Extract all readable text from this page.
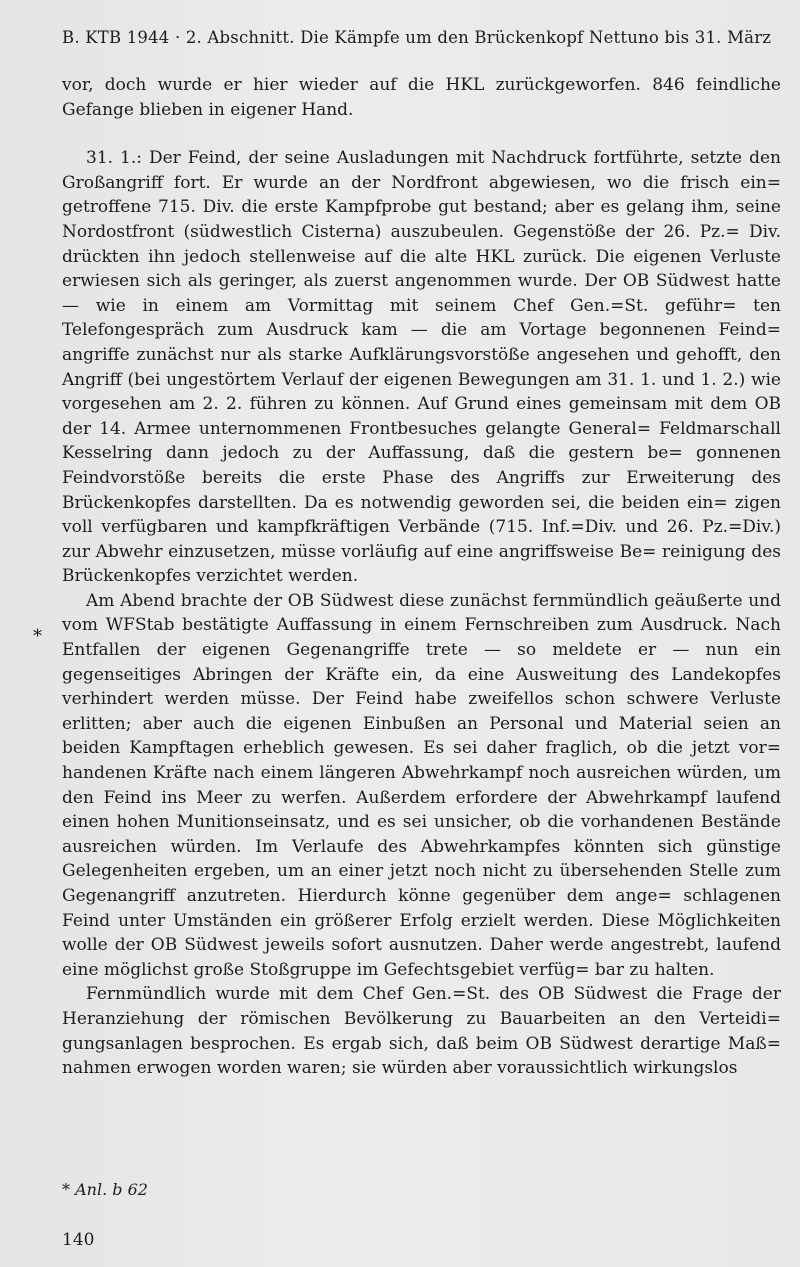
B. KTB 1944 · 2. Abschnitt. Die Kämpfe um den Brückenkopf Nettuno bis 31. März

vor, doch wurde er hier wieder auf die HKL zurückgeworfen. 846 feindliche Gefange blieben in eigener Hand.

31. 1.: Der Feind, der seine Ausladungen mit Nachdruck fortführte, setzte den Großangriff fort. Er wurde an der Nordfront abgewiesen, wo die frisch ein= getroffene 715. Div. die erste Kampfprobe gut bestand; aber es gelang ihm, seine Nordostfront (südwestlich Cisterna) auszubeulen. Gegenstöße der 26. Pz.= Div. drückten ihn jedoch stellenweise auf die alte HKL zurück. Die eigenen Verluste erwiesen sich als geringer, als zuerst angenommen wurde. Der OB Südwest hatte — wie in einem am Vormittag mit seinem Chef Gen.=St. geführ= ten Telefongespräch zum Ausdruck kam — die am Vortage begonnenen Feind= angriffe zunächst nur als starke Aufklärungsvorstöße angesehen und gehofft, den Angriff (bei ungestörtem Verlauf der eigenen Bewegungen am 31. 1. und 1. 2.) wie vorgesehen am 2. 2. führen zu können. Auf Grund eines gemeinsam mit dem OB der 14. Armee unternommenen Frontbesuches gelangte General= Feldmarschall Kesselring dann jedoch zu der Auffassung, daß die gestern be= gonnenen Feindvorstöße bereits die erste Phase des Angriffs zur Erweiterung des Brückenkopfes darstellten. Da es notwendig geworden sei, die beiden ein= zigen voll verfügbaren und kampfkräftigen Verbände (715. Inf.=Div. und 26. Pz.=Div.) zur Abwehr einzusetzen, müsse vorläufig auf eine angriffsweise Be= reinigung des Brückenkopfes verzichtet werden.

Am Abend brachte der OB Südwest diese zunächst fernmündlich geäußerte und vom WFStab bestätigte Auffassung in einem Fernschreiben zum Ausdruck. Nach Entfallen der eigenen Gegenangriffe trete — so meldete er — nun ein gegenseitiges Abringen der Kräfte ein, da eine Ausweitung des Landekopfes verhindert werden müsse. Der Feind habe zweifellos schon schwere Verluste erlitten; aber auch die eigenen Einbußen an Personal und Material seien an beiden Kampftagen erheblich gewesen. Es sei daher fraglich, ob die jetzt vor= handenen Kräfte nach einem längeren Abwehrkampf noch ausreichen würden, um den Feind ins Meer zu werfen. Außerdem erfordere der Abwehrkampf laufend einen hohen Munitionseinsatz, und es sei unsicher, ob die vorhandenen Bestände ausreichen würden. Im Verlaufe des Abwehrkampfes könnten sich günstige Gelegenheiten ergeben, um an einer jetzt noch nicht zu übersehenden Stelle zum Gegenangriff anzutreten. Hierdurch könne gegenüber dem ange= schlagenen Feind unter Umständen ein größerer Erfolg erzielt werden. Diese Möglichkeiten wolle der OB Südwest jeweils sofort ausnutzen. Daher werde angestrebt, laufend eine möglichst große Stoßgruppe im Gefechtsgebiet verfüg= bar zu halten.

Fernmündlich wurde mit dem Chef Gen.=St. des OB Südwest die Frage der Heranziehung der römischen Bevölkerung zu Bauarbeiten an den Verteidi= gungsanlagen besprochen. Es ergab sich, daß beim OB Südwest derartige Maß= nahmen erwogen worden waren; sie würden aber voraussichtlich wirkungslos

*
* Anl. b 62
140
